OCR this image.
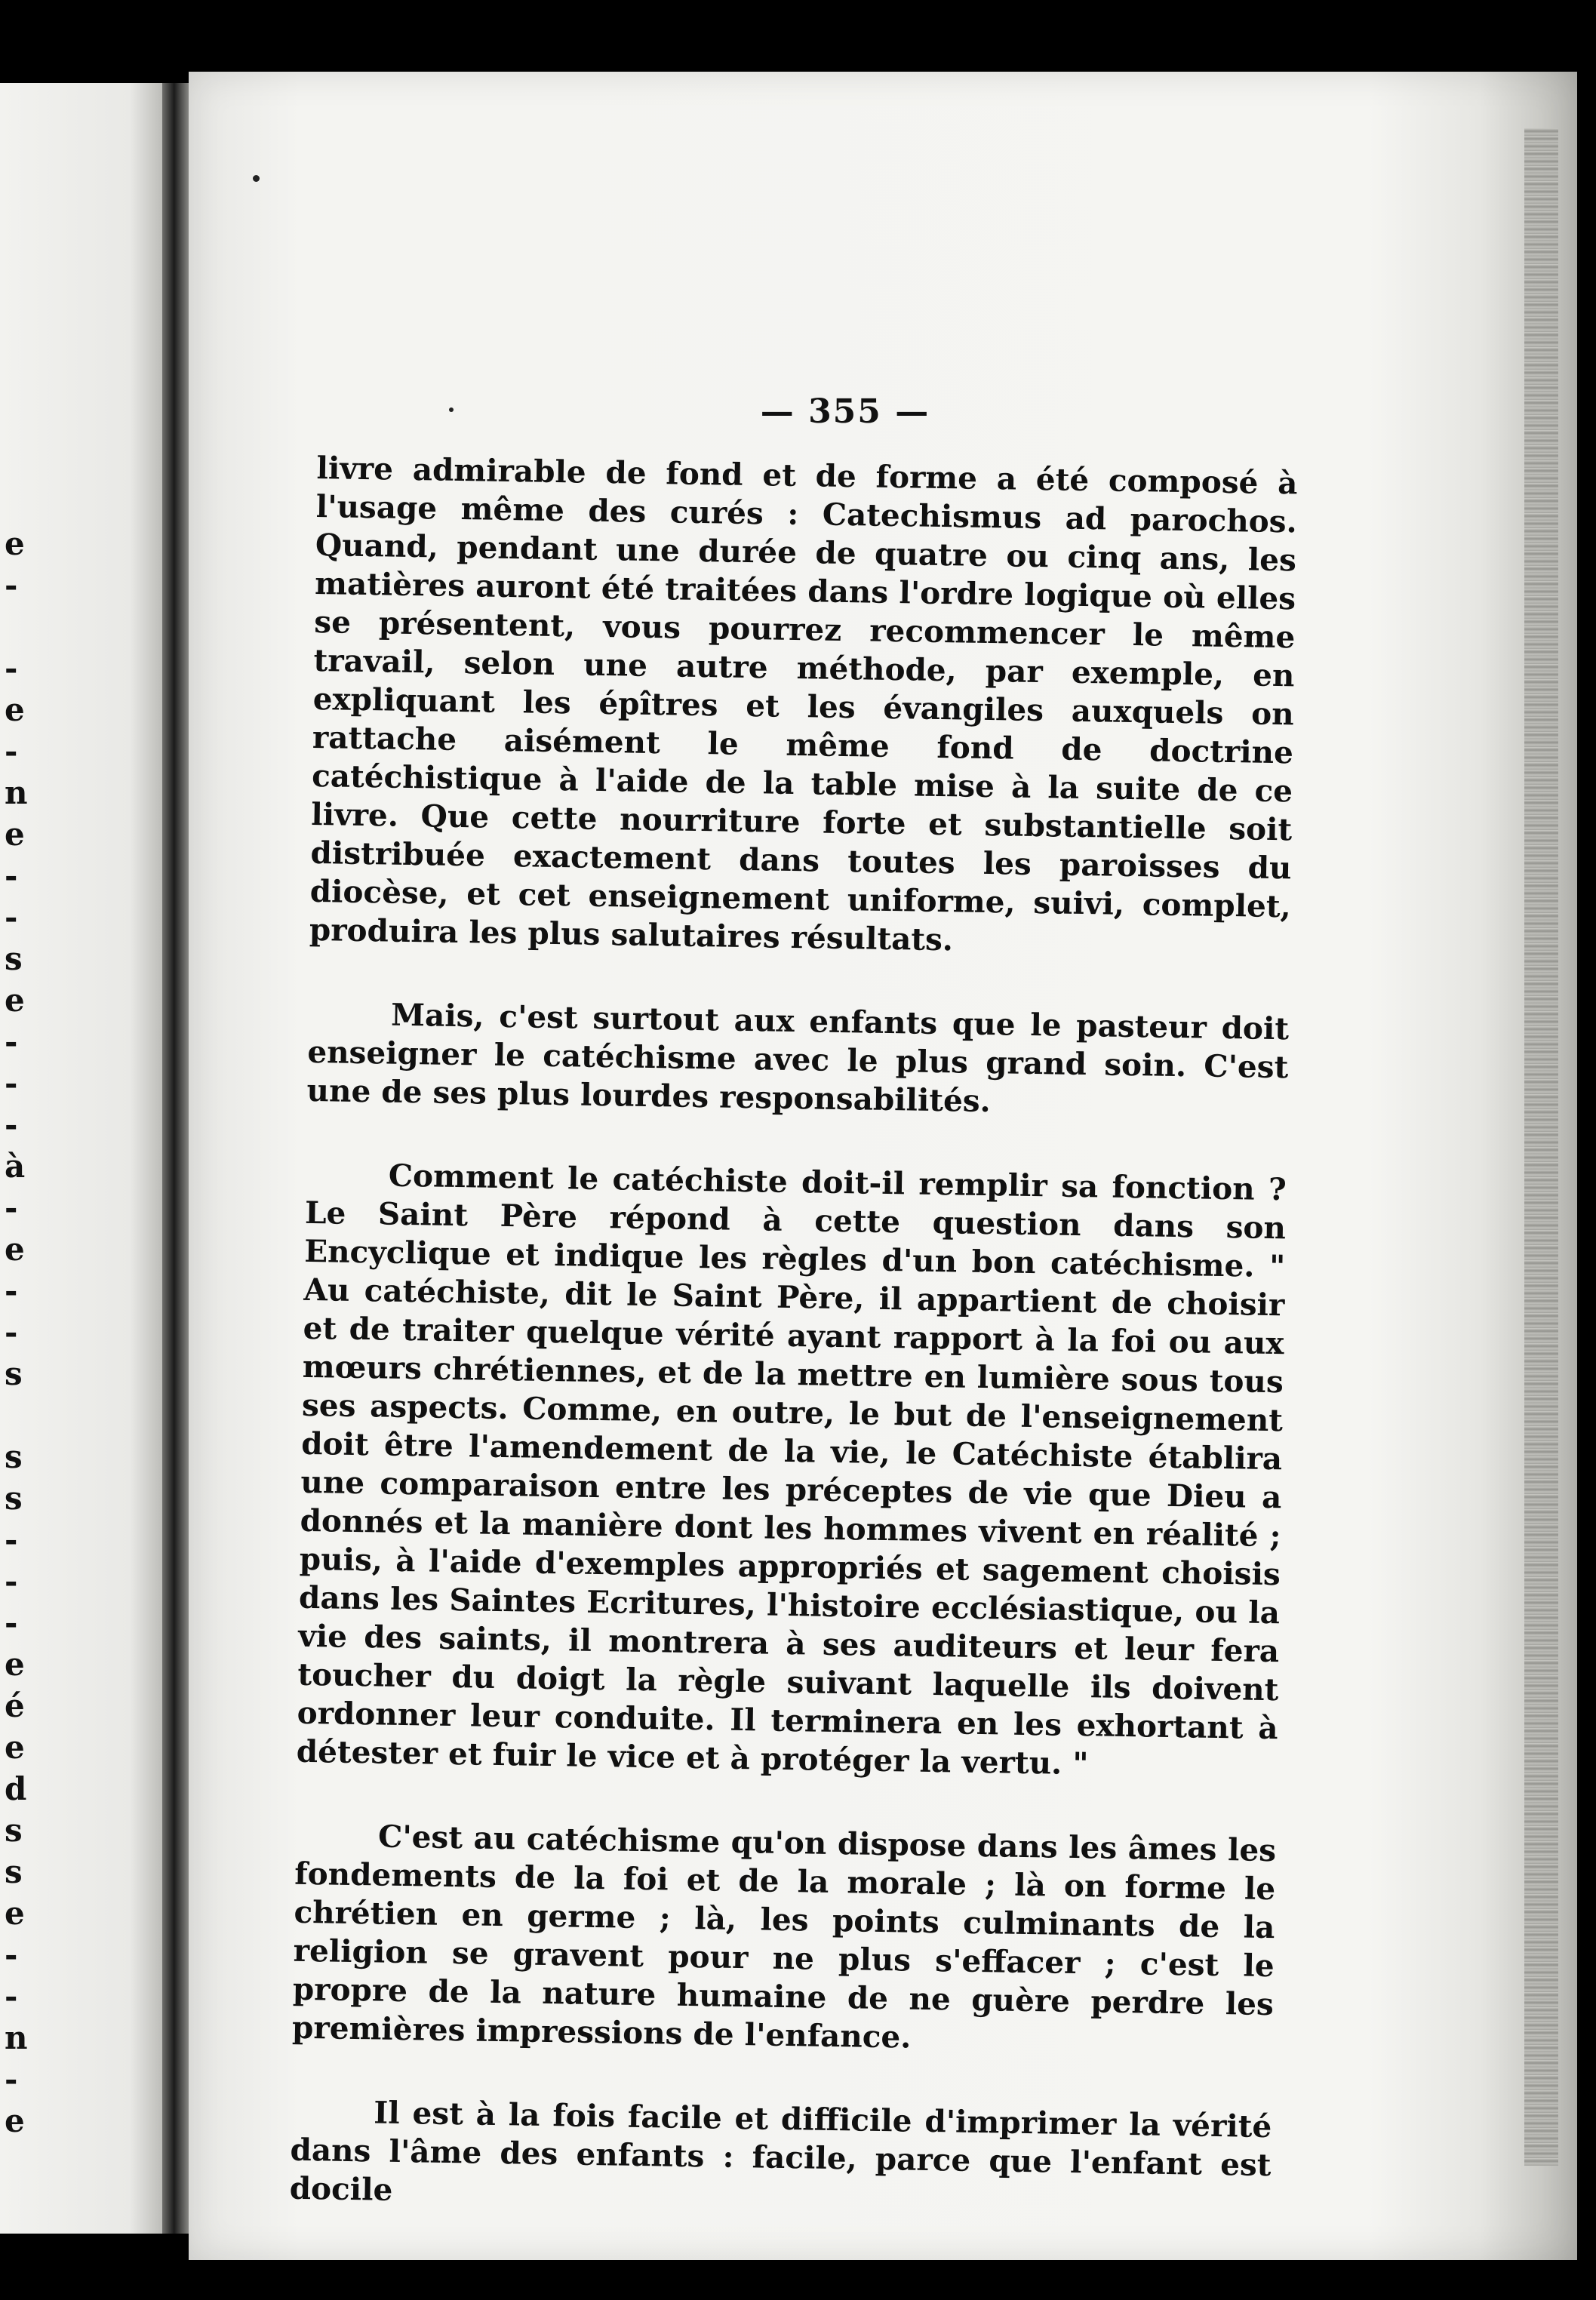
e
-
-
e
-
n
e
-
-
s
e
-
-
-
à
-
e
-
-
s
s
s
-
-
-
e
é
e
d
s
s
e
-
-
n
-
e
— 355 —

livre admirable de fond et de forme a été composé à l'usage même des curés : Catechismus ad parochos. Quand, pendant une durée de quatre ou cinq ans, les matières auront été traitées dans l'ordre logique où elles se présentent, vous pourrez recommencer le même travail, selon une autre méthode, par exemple, en expliquant les épîtres et les évangiles auxquels on rattache aisément le même fond de doctrine catéchistique à l'aide de la table mise à la suite de ce livre. Que cette nourriture forte et substantielle soit distribuée exactement dans toutes les paroisses du diocèse, et cet enseignement uniforme, suivi, complet, produira les plus salutaires résultats.

Mais, c'est surtout aux enfants que le pasteur doit enseigner le catéchisme avec le plus grand soin. C'est une de ses plus lourdes responsabilités.

Comment le catéchiste doit-il remplir sa fonction ? Le Saint Père répond à cette question dans son Encyclique et indique les règles d'un bon catéchisme. " Au catéchiste, dit le Saint Père, il appartient de choisir et de traiter quelque vérité ayant rapport à la foi ou aux mœurs chrétiennes, et de la mettre en lumière sous tous ses aspects. Comme, en outre, le but de l'enseignement doit être l'amendement de la vie, le Catéchiste établira une comparaison entre les préceptes de vie que Dieu a donnés et la manière dont les hommes vivent en réalité ; puis, à l'aide d'exemples appropriés et sagement choisis dans les Saintes Ecritures, l'histoire ecclésiastique, ou la vie des saints, il montrera à ses auditeurs et leur fera toucher du doigt la règle suivant laquelle ils doivent ordonner leur conduite. Il terminera en les exhortant à détester et fuir le vice et à protéger la vertu. "

C'est au catéchisme qu'on dispose dans les âmes les fondements de la foi et de la morale ; là on forme le chrétien en germe ; là, les points culminants de la religion se gravent pour ne plus s'effacer ; c'est le propre de la nature humaine de ne guère perdre les premières impressions de l'enfance.

Il est à la fois facile et difficile d'imprimer la vérité dans l'âme des enfants : facile, parce que l'enfant est docile
